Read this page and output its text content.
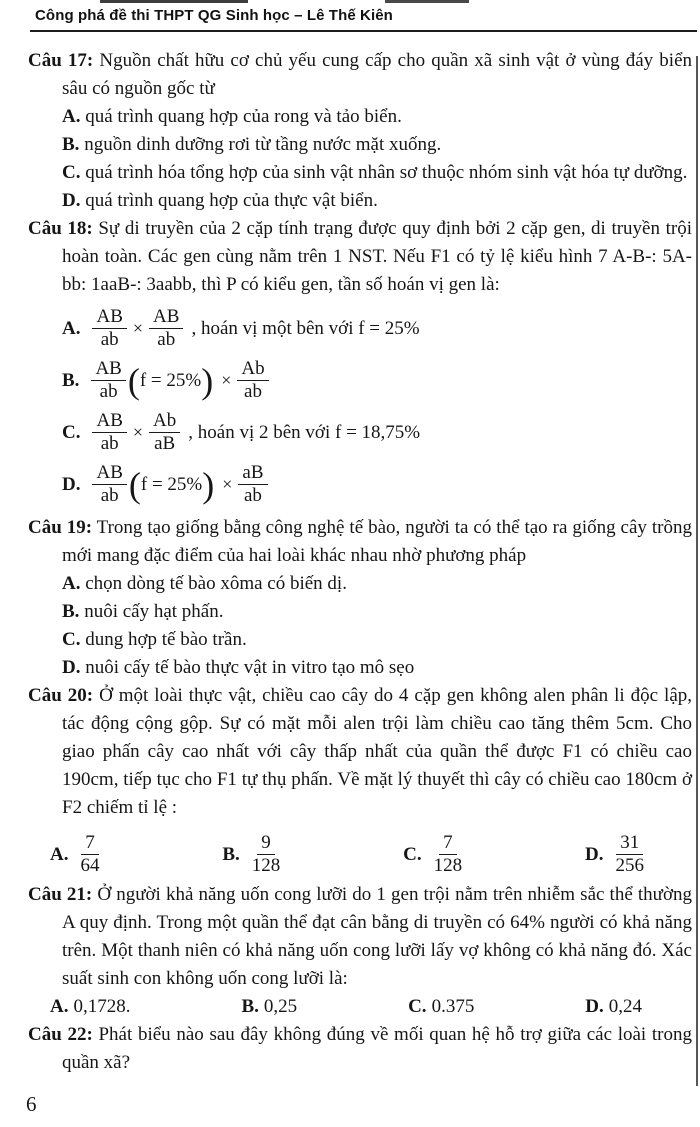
Công phá đề thi THPT QG Sinh học – Lê Thế Kiên

Câu 17: Nguồn chất hữu cơ chủ yếu cung cấp cho quần xã sinh vật ở vùng đáy biển sâu có nguồn gốc từ

A. quá trình quang hợp của rong và tảo biển.
B. nguồn dinh dưỡng rơi từ tầng nước mặt xuống.
C. quá trình hóa tổng hợp của sinh vật nhân sơ thuộc nhóm sinh vật hóa tự dưỡng.
D. quá trình quang hợp của thực vật biển.

Câu 18: Sự di truyền của 2 cặp tính trạng được quy định bởi 2 cặp gen, di truyền trội hoàn toàn. Các gen cùng nằm trên 1 NST. Nếu F1 có tỷ lệ kiểu hình 7 A-B-: 5A-bb: 1aaB-: 3aabb, thì P có kiểu gen, tần số hoán vị gen là:

A. $\frac{AB}{ab} \times \frac{AB}{ab}$ , hoán vị một bên với f = 25%
B. $\frac{AB}{ab}$ ( f = 25%
) × $\frac{Ab}{ab}$
C. $\frac{AB}{ab} \times \frac{Ab}{aB}$ , hoán vị 2 bên với f = 18,75%
D. $\frac{AB}{ab}$ ( f = 25%
) × $\frac{aB}{ab}$

Câu 19: Trong tạo giống bằng công nghệ tế bào, người ta có thể tạo ra giống cây trồng mới mang đặc điểm của hai loài khác nhau nhờ phương pháp

A. chọn dòng tế bào xôma có biến dị.
B. nuôi cấy hạt phấn.
C. dung hợp tế bào trần.
D. nuôi cấy tế bào thực vật in vitro tạo mô sẹo

Câu 20: Ở một loài thực vật, chiều cao cây do 4 cặp gen không alen phân li độc lập, tác động cộng gộp. Sự có mặt mỗi alen trội làm chiều cao tăng thêm 5cm. Cho giao phấn cây cao nhất với cây thấp nhất của quần thể được F1 có chiều cao 190cm, tiếp tục cho F1 tự thụ phấn. Về mặt lý thuyết thì cây có chiều cao 180cm ở F2 chiếm tỉ lệ :

A. $\frac{7}{64}$	B. $\frac{9}{128}$	C. $\frac{7}{128}$	D. $\frac{31}{256}$

Câu 21: Ở người khả năng uốn cong lưỡi do 1 gen trội nằm trên nhiễm sắc thể thường A quy định. Trong một quần thể đạt cân bằng di truyền có 64% người có khả năng trên. Một thanh niên có khả năng uốn cong lưỡi lấy vợ không có khả năng đó. Xác suất sinh con không uốn cong lưỡi là:

A. 0,1728.	B. 0,25	C. 0.375	D. 0,24

Câu 22: Phát biểu nào sau đây không đúng về mối quan hệ hỗ trợ giữa các loài trong quần xã?

6
